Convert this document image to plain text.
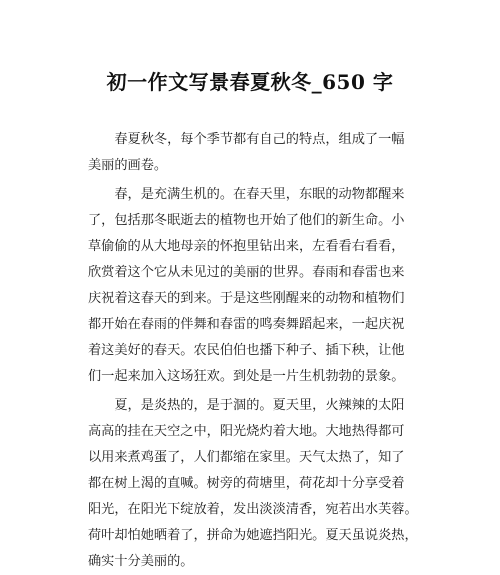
初一作文写景春夏秋冬_650 字
　　春夏秋冬，每个季节都有自己的特点，组成了一幅
美丽的画卷。
　　春，是充满生机的。在春天里，东眠的动物都醒来
了，包括那冬眠逝去的植物也开始了他们的新生命。小
草偷偷的从大地母亲的怀抱里钻出来，左看看右看看，
欣赏着这个它从未见过的美丽的世界。春雨和春雷也来
庆祝着这春天的到来。于是这些刚醒来的动物和植物们
都开始在春雨的伴舞和春雷的鸣奏舞蹈起来，一起庆祝
着这美好的春天。农民伯伯也播下种子、插下秧，让他
们一起来加入这场狂欢。到处是一片生机勃勃的景象。
　　夏，是炎热的，是于涸的。夏天里，火辣辣的太阳
高高的挂在天空之中，阳光烧灼着大地。大地热得都可
以用来煮鸡蛋了，人们都缩在家里。天气太热了，知了
都在树上渴的直喊。树旁的荷塘里，荷花却十分享受着
阳光，在阳光下绽放着，发出淡淡清香，宛若出水芙蓉。
荷叶却怕她晒着了，拼命为她遮挡阳光。夏天虽说炎热，
确实十分美丽的。
